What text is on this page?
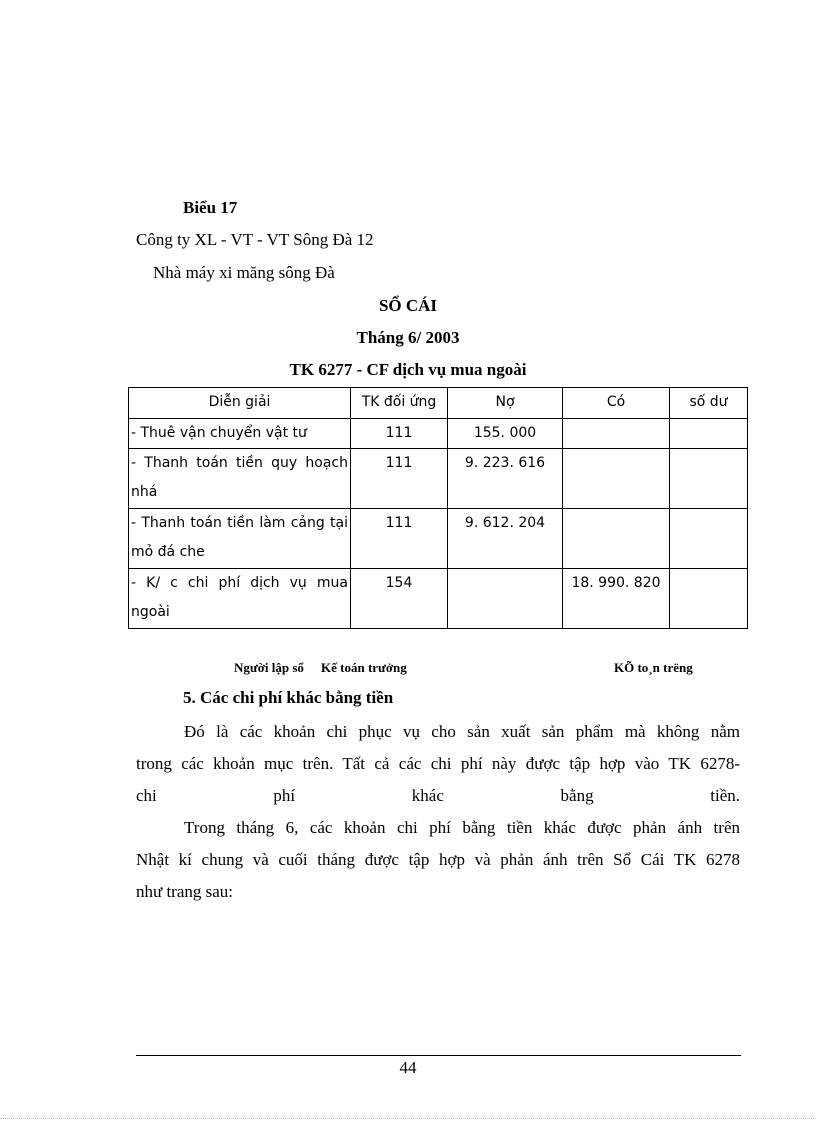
Biểu 17
Công ty XL - VT - VT Sông Đà 12
Nhà máy xi măng sông Đà
SỔ CÁI
Tháng 6/ 2003
TK 6277 - CF dịch vụ mua ngoài
Diễn giải	TK đối ứng	Nợ	Có	số dư
- Thuê vận chuyển vật tư	111	155. 000		

- Thanh toán tiền quy hoạch
nhá	111	9. 223. 616		

- Thanh toán tiền làm cảng tại
mỏ đá che	111	9. 612. 204		

- K/ c chi phí dịch vụ mua
ngoài	154		18. 990. 820	
Người lập sổ Kế toán trưởng	KÕ to¸n trëng
5. Các chi phí khác bằng tiền

Đó là các khoản chi phục vụ cho sản xuất sản phẩm mà không nằm

trong các khoản mục trên. Tất cả các chi phí này được tập hợp vào TK 6278-

chi phí khác bằng tiền.

Trong tháng 6, các khoản chi phí bằng tiền khác được phản ánh trên

Nhật kí chung và cuối tháng được tập hợp và phản ánh trên Sổ Cái TK 6278

như trang sau:

44
